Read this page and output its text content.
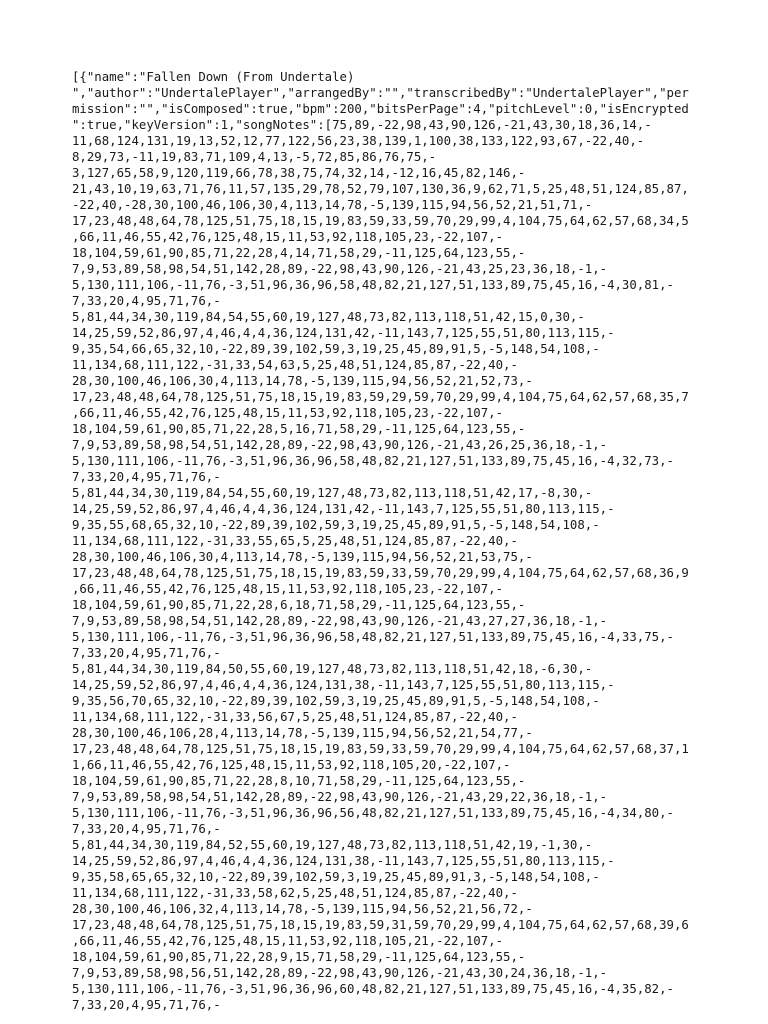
[{"name":"Fallen Down (From Undertale)
","author":"UndertalePlayer","arrangedBy":"","transcribedBy":"UndertalePlayer","per
mission":"","isComposed":true,"bpm":200,"bitsPerPage":4,"pitchLevel":0,"isEncrypted
":true,"keyVersion":1,"songNotes":[75,89,-22,98,43,90,126,-21,43,30,18,36,14,-
11,68,124,131,19,13,52,12,77,122,56,23,38,139,1,100,38,133,122,93,67,-22,40,-
8,29,73,-11,19,83,71,109,4,13,-5,72,85,86,76,75,-
3,127,65,58,9,120,119,66,78,38,75,74,32,14,-12,16,45,82,146,-
21,43,10,19,63,71,76,11,57,135,29,78,52,79,107,130,36,9,62,71,5,25,48,51,124,85,87,
-22,40,-28,30,100,46,106,30,4,113,14,78,-5,139,115,94,56,52,21,51,71,-
17,23,48,48,64,78,125,51,75,18,15,19,83,59,33,59,70,29,99,4,104,75,64,62,57,68,34,5
,66,11,46,55,42,76,125,48,15,11,53,92,118,105,23,-22,107,-
18,104,59,61,90,85,71,22,28,4,14,71,58,29,-11,125,64,123,55,-
7,9,53,89,58,98,54,51,142,28,89,-22,98,43,90,126,-21,43,25,23,36,18,-1,-
5,130,111,106,-11,76,-3,51,96,36,96,58,48,82,21,127,51,133,89,75,45,16,-4,30,81,-
7,33,20,4,95,71,76,-
5,81,44,34,30,119,84,54,55,60,19,127,48,73,82,113,118,51,42,15,0,30,-
14,25,59,52,86,97,4,46,4,4,36,124,131,42,-11,143,7,125,55,51,80,113,115,-
9,35,54,66,65,32,10,-22,89,39,102,59,3,19,25,45,89,91,5,-5,148,54,108,-
11,134,68,111,122,-31,33,54,63,5,25,48,51,124,85,87,-22,40,-
28,30,100,46,106,30,4,113,14,78,-5,139,115,94,56,52,21,52,73,-
17,23,48,48,64,78,125,51,75,18,15,19,83,59,29,59,70,29,99,4,104,75,64,62,57,68,35,7
,66,11,46,55,42,76,125,48,15,11,53,92,118,105,23,-22,107,-
18,104,59,61,90,85,71,22,28,5,16,71,58,29,-11,125,64,123,55,-
7,9,53,89,58,98,54,51,142,28,89,-22,98,43,90,126,-21,43,26,25,36,18,-1,-
5,130,111,106,-11,76,-3,51,96,36,96,58,48,82,21,127,51,133,89,75,45,16,-4,32,73,-
7,33,20,4,95,71,76,-
5,81,44,34,30,119,84,54,55,60,19,127,48,73,82,113,118,51,42,17,-8,30,-
14,25,59,52,86,97,4,46,4,4,36,124,131,42,-11,143,7,125,55,51,80,113,115,-
9,35,55,68,65,32,10,-22,89,39,102,59,3,19,25,45,89,91,5,-5,148,54,108,-
11,134,68,111,122,-31,33,55,65,5,25,48,51,124,85,87,-22,40,-
28,30,100,46,106,30,4,113,14,78,-5,139,115,94,56,52,21,53,75,-
17,23,48,48,64,78,125,51,75,18,15,19,83,59,33,59,70,29,99,4,104,75,64,62,57,68,36,9
,66,11,46,55,42,76,125,48,15,11,53,92,118,105,23,-22,107,-
18,104,59,61,90,85,71,22,28,6,18,71,58,29,-11,125,64,123,55,-
7,9,53,89,58,98,54,51,142,28,89,-22,98,43,90,126,-21,43,27,27,36,18,-1,-
5,130,111,106,-11,76,-3,51,96,36,96,58,48,82,21,127,51,133,89,75,45,16,-4,33,75,-
7,33,20,4,95,71,76,-
5,81,44,34,30,119,84,50,55,60,19,127,48,73,82,113,118,51,42,18,-6,30,-
14,25,59,52,86,97,4,46,4,4,36,124,131,38,-11,143,7,125,55,51,80,113,115,-
9,35,56,70,65,32,10,-22,89,39,102,59,3,19,25,45,89,91,5,-5,148,54,108,-
11,134,68,111,122,-31,33,56,67,5,25,48,51,124,85,87,-22,40,-
28,30,100,46,106,28,4,113,14,78,-5,139,115,94,56,52,21,54,77,-
17,23,48,48,64,78,125,51,75,18,15,19,83,59,33,59,70,29,99,4,104,75,64,62,57,68,37,1
1,66,11,46,55,42,76,125,48,15,11,53,92,118,105,20,-22,107,-
18,104,59,61,90,85,71,22,28,8,10,71,58,29,-11,125,64,123,55,-
7,9,53,89,58,98,54,51,142,28,89,-22,98,43,90,126,-21,43,29,22,36,18,-1,-
5,130,111,106,-11,76,-3,51,96,36,96,56,48,82,21,127,51,133,89,75,45,16,-4,34,80,-
7,33,20,4,95,71,76,-
5,81,44,34,30,119,84,52,55,60,19,127,48,73,82,113,118,51,42,19,-1,30,-
14,25,59,52,86,97,4,46,4,4,36,124,131,38,-11,143,7,125,55,51,80,113,115,-
9,35,58,65,65,32,10,-22,89,39,102,59,3,19,25,45,89,91,3,-5,148,54,108,-
11,134,68,111,122,-31,33,58,62,5,25,48,51,124,85,87,-22,40,-
28,30,100,46,106,32,4,113,14,78,-5,139,115,94,56,52,21,56,72,-
17,23,48,48,64,78,125,51,75,18,15,19,83,59,31,59,70,29,99,4,104,75,64,62,57,68,39,6
,66,11,46,55,42,76,125,48,15,11,53,92,118,105,21,-22,107,-
18,104,59,61,90,85,71,22,28,9,15,71,58,29,-11,125,64,123,55,-
7,9,53,89,58,98,56,51,142,28,89,-22,98,43,90,126,-21,43,30,24,36,18,-1,-
5,130,111,106,-11,76,-3,51,96,36,96,60,48,82,21,127,51,133,89,75,45,16,-4,35,82,-
7,33,20,4,95,71,76,-
